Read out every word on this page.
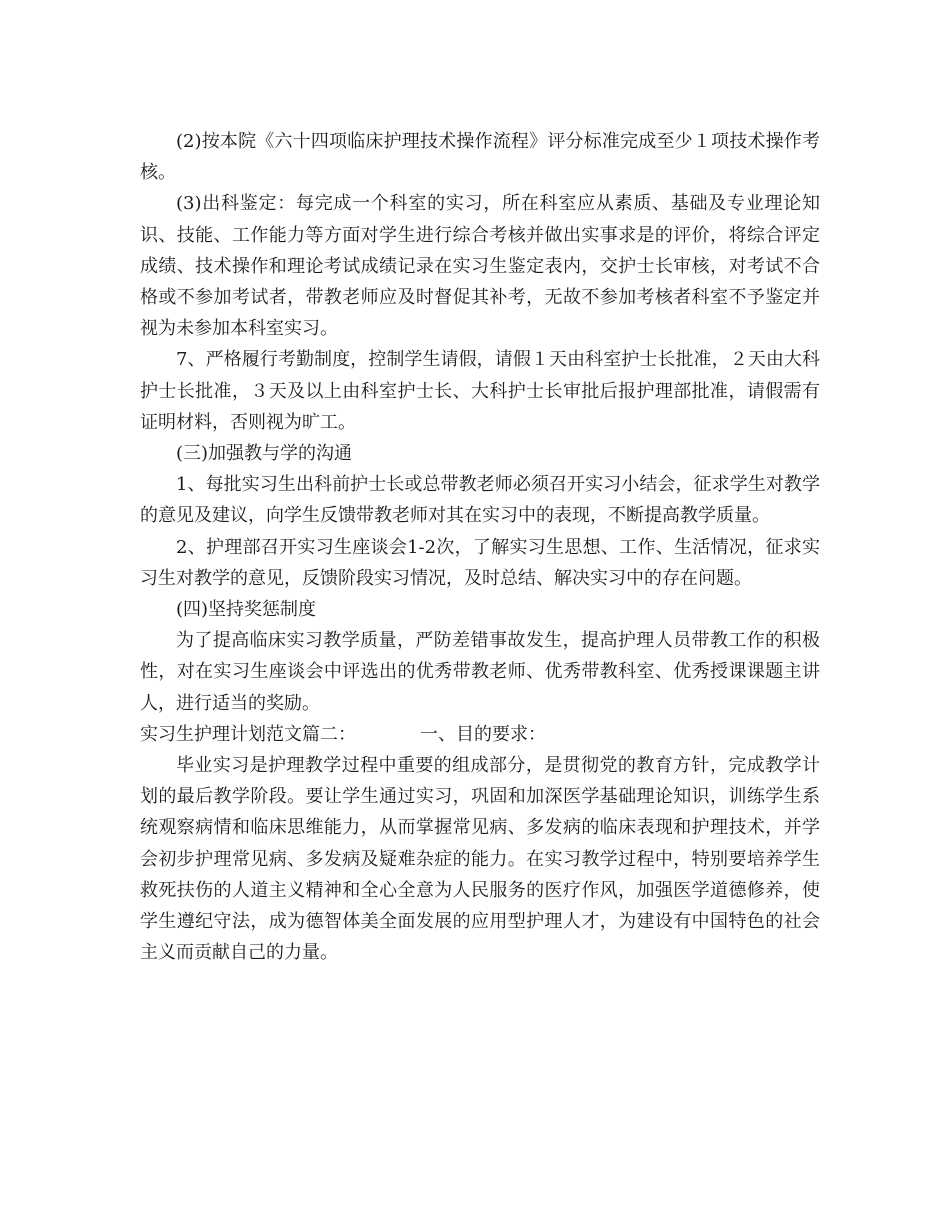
(2)按本院《六十四项临床护理技术操作流程》评分标准完成至少１项技术操作考核。

(3)出科鉴定：每完成一个科室的实习，所在科室应从素质、基础及专业理论知识、技能、工作能力等方面对学生进行综合考核并做出实事求是的评价，将综合评定成绩、技术操作和理论考试成绩记录在实习生鉴定表内，交护士长审核，对考试不合格或不参加考试者，带教老师应及时督促其补考，无故不参加考核者科室不予鉴定并视为未参加本科室实习。

7、严格履行考勤制度，控制学生请假，请假１天由科室护士长批准，２天由大科护士长批准，３天及以上由科室护士长、大科护士长审批后报护理部批准，请假需有证明材料，否则视为旷工。

(三)加强教与学的沟通

1、每批实习生出科前护士长或总带教老师必须召开实习小结会，征求学生对教学的意见及建议，向学生反馈带教老师对其在实习中的表现，不断提高教学质量。

2、护理部召开实习生座谈会1-2次，了解实习生思想、工作、生活情况，征求实习生对教学的意见，反馈阶段实习情况，及时总结、解决实习中的存在问题。

(四)坚持奖惩制度

为了提高临床实习教学质量，严防差错事故发生，提高护理人员带教工作的积极性，对在实习生座谈会中评选出的优秀带教老师、优秀带教科室、优秀授课课题主讲人，进行适当的奖励。

实习生护理计划范文篇二：	一、目的要求：

毕业实习是护理教学过程中重要的组成部分，是贯彻党的教育方针，完成教学计划的最后教学阶段。要让学生通过实习，巩固和加深医学基础理论知识，训练学生系统观察病情和临床思维能力，从而掌握常见病、多发病的临床表现和护理技术，并学会初步护理常见病、多发病及疑难杂症的能力。在实习教学过程中，特别要培养学生救死扶伤的人道主义精神和全心全意为人民服务的医疗作风，加强医学道德修养，使学生遵纪守法，成为德智体美全面发展的应用型护理人才，为建设有中国特色的社会主义而贡献自己的力量。
